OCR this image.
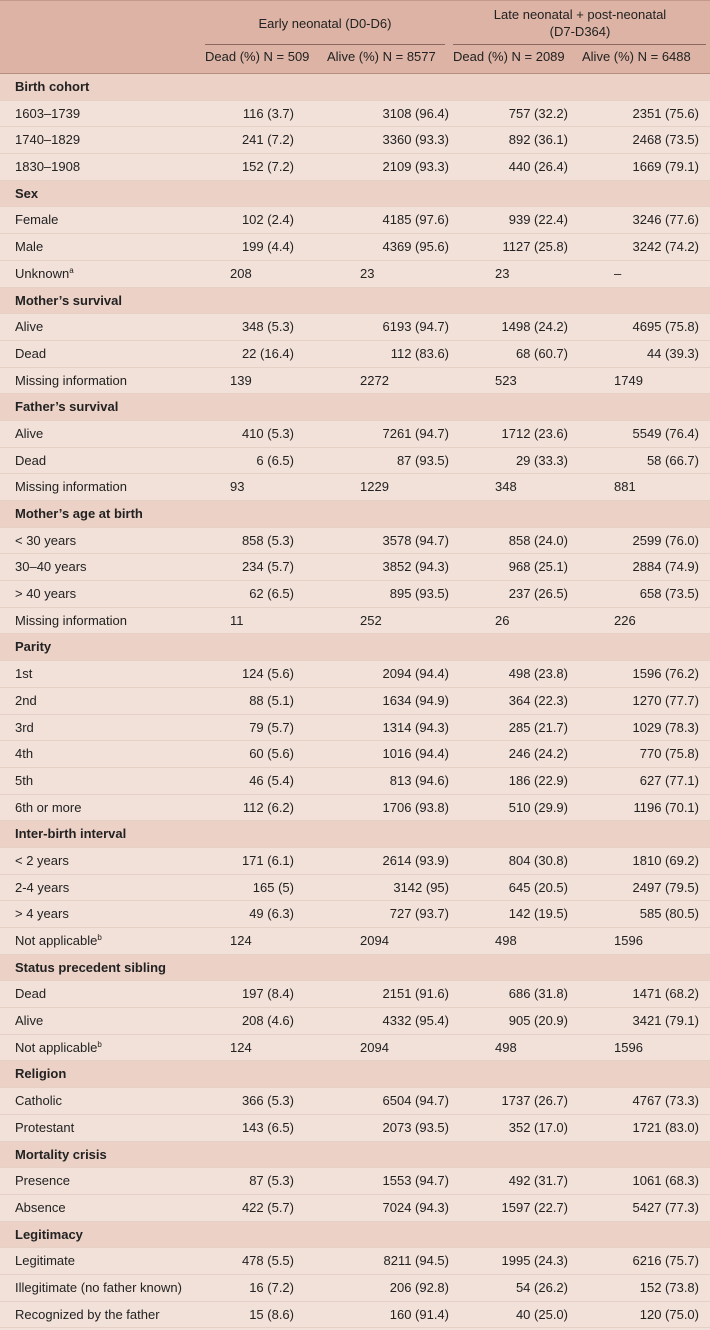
Early neonatal (D0-D6)
Late neonatal + post-neonatal
(D7-D364)
Dead (%) N = 509 Alive (%) N = 8577 Dead (%) N = 2089 Alive (%) N = 6488
Birth cohort
1603–1739	116 (3.7)	3108 (96.4)	757 (32.2)	2351 (75.6)
1740–1829	241 (7.2)	3360 (93.3)	892 (36.1)	2468 (73.5)
1830–1908	152 (7.2)	2109 (93.3)	440 (26.4)	1669 (79.1)
Sex
Female	102 (2.4)	4185 (97.6)	939 (22.4)	3246 (77.6)
Male	199 (4.4)	4369 (95.6)	1127 (25.8)	3242 (74.2)
Unknown$^a$	208	23	23	–
Mother’s survival
Alive	348 (5.3)	6193 (94.7)	1498 (24.2)	4695 (75.8)
Dead	22 (16.4)	112 (83.6)	68 (60.7)	44 (39.3)
Missing information	139	2272	523	1749
Father’s survival
Alive	410 (5.3)	7261 (94.7)	1712 (23.6)	5549 (76.4)
Dead	6 (6.5)	87 (93.5)	29 (33.3)	58 (66.7)
Missing information	93	1229	348	881
Mother’s age at birth
< 30 years	858 (5.3)	3578 (94.7)	858 (24.0)	2599 (76.0)
30–40 years	234 (5.7)	3852 (94.3)	968 (25.1)	2884 (74.9)
> 40 years	62 (6.5)	895 (93.5)	237 (26.5)	658 (73.5)
Missing information	11	252	26	226
Parity
1st	124 (5.6)	2094 (94.4)	498 (23.8)	1596 (76.2)
2nd	88 (5.1)	1634 (94.9)	364 (22.3)	1270 (77.7)
3rd	79 (5.7)	1314 (94.3)	285 (21.7)	1029 (78.3)
4th	60 (5.6)	1016 (94.4)	246 (24.2)	770 (75.8)
5th	46 (5.4)	813 (94.6)	186 (22.9)	627 (77.1)
6th or more	112 (6.2)	1706 (93.8)	510 (29.9)	1196 (70.1)
Inter-birth interval
< 2 years	171 (6.1)	2614 (93.9)	804 (30.8)	1810 (69.2)
2-4 years	165 (5)	3142 (95)	645 (20.5)	2497 (79.5)
> 4 years	49 (6.3)	727 (93.7)	142 (19.5)	585 (80.5)
Not applicable$^b$	124	2094	498	1596
Status precedent sibling
Dead	197 (8.4)	2151 (91.6)	686 (31.8)	1471 (68.2)
Alive	208 (4.6)	4332 (95.4)	905 (20.9)	3421 (79.1)
Not applicable$^b$	124	2094	498	1596
Religion
Catholic	366 (5.3)	6504 (94.7)	1737 (26.7)	4767 (73.3)
Protestant	143 (6.5)	2073 (93.5)	352 (17.0)	1721 (83.0)
Mortality crisis
Presence	87 (5.3)	1553 (94.7)	492 (31.7)	1061 (68.3)
Absence	422 (5.7)	7024 (94.3)	1597 (22.7)	5427 (77.3)
Legitimacy
Legitimate	478 (5.5)	8211 (94.5)	1995 (24.3)	6216 (75.7)
Illegitimate (no father known)	16 (7.2)	206 (92.8)	54 (26.2)	152 (73.8)
Recognized by the father	15 (8.6)	160 (91.4)	40 (25.0)	120 (75.0)
